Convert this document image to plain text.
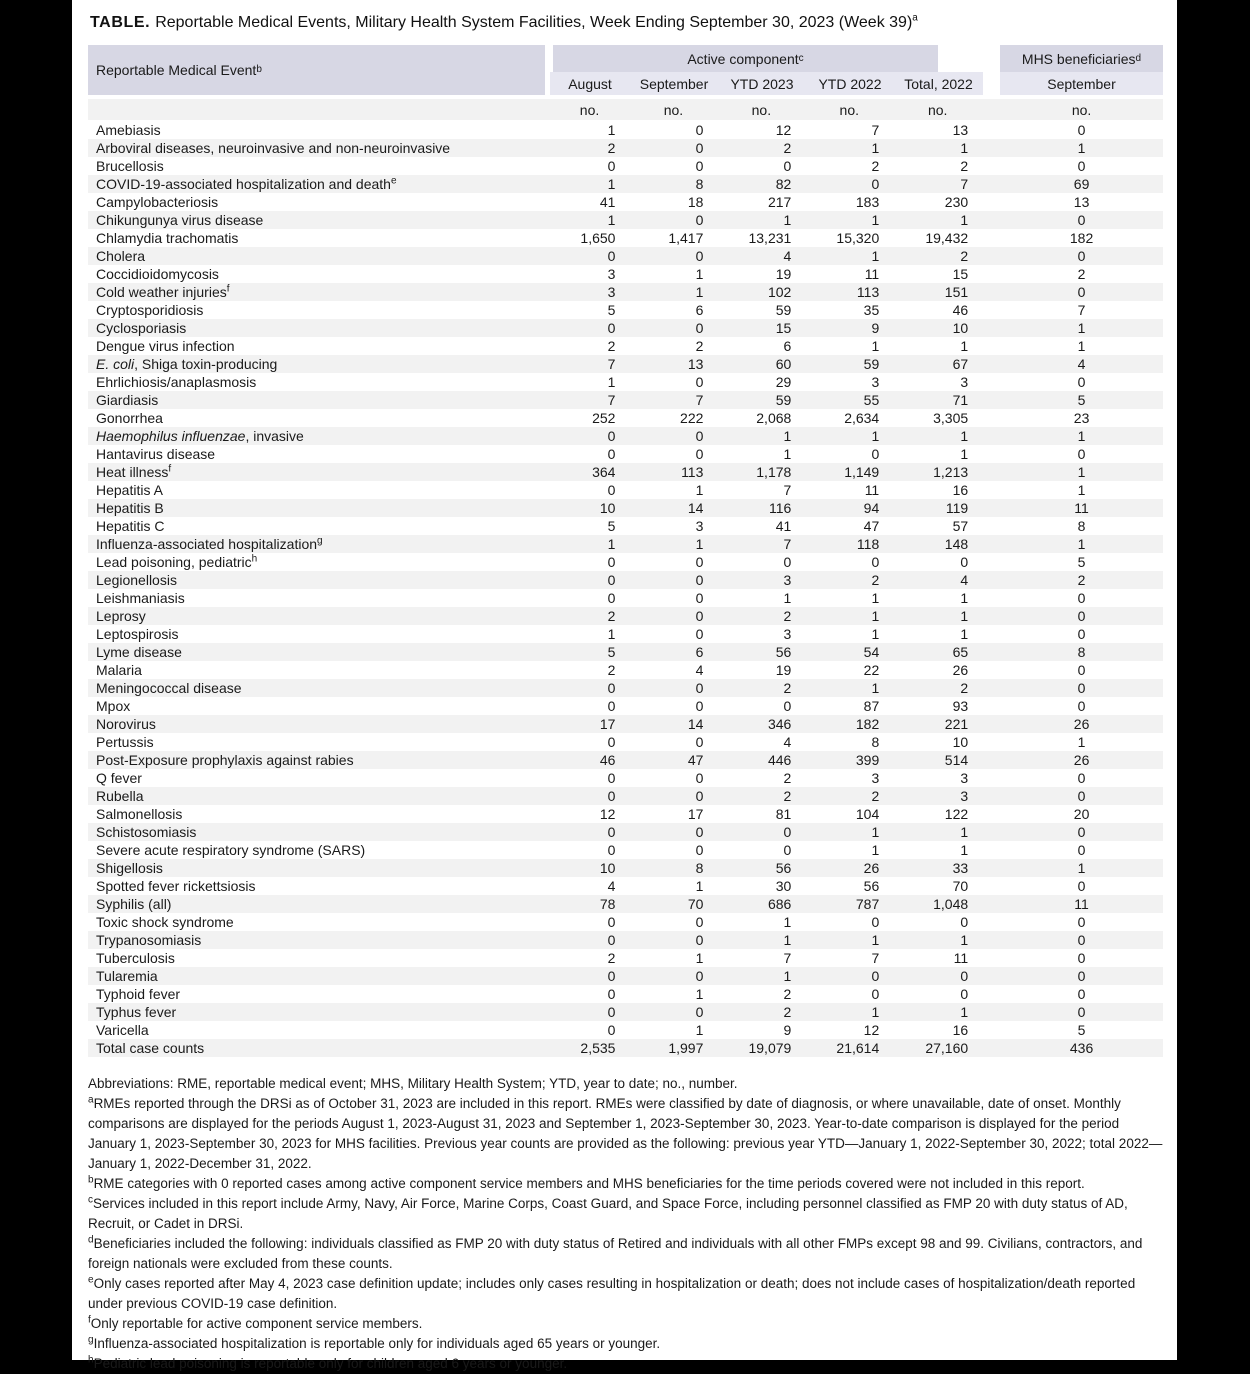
TABLE. Reportable Medical Events, Military Health System Facilities, Week Ending September 30, 2023 (Week 39)$^a$
Reportable Medical Event b
Active component c	MHS beneficiaries d
August	September	YTD 2023	YTD 2022	Total, 2022	September
no.	no.	no.	no.	no.	no.
Amebiasis	1	0	12	7	13	0
Arboviral diseases, neuroinvasive and non-neuroinvasive	2	0	2	1	1	1
Brucellosis	0	0	0	2	2	0
COVID-19-associated hospitalization and death$^e$	1	8	82	0	7	69
Campylobacteriosis	41	18	217	183	230	13
Chikungunya virus disease	1	0	1	1	1	0
Chlamydia trachomatis	1,650	1,417	13,231	15,320	19,432	182
Cholera	0	0	4	1	2	0
Coccidioidomycosis	3	1	19	11	15	2
Cold weather injuries$^f$	3	1	102	113	151	0
Cryptosporidiosis	5	6	59	35	46	7
Cyclosporiasis	0	0	15	9	10	1
Dengue virus infection	2	2	6	1	1	1
E. coli, Shiga toxin-producing	7	13	60	59	67	4
Ehrlichiosis/anaplasmosis	1	0	29	3	3	0
Giardiasis	7	7	59	55	71	5
Gonorrhea	252	222	2,068	2,634	3,305	23
Haemophilus influenzae, invasive	0	0	1	1	1	1
Hantavirus disease	0	0	1	0	1	0
Heat illness$^f$	364	113	1,178	1,149	1,213	1
Hepatitis A	0	1	7	11	16	1
Hepatitis B	10	14	116	94	119	11
Hepatitis C	5	3	41	47	57	8
Influenza-associated hospitalization$^g$	1	1	7	118	148	1
Lead poisoning, pediatric$^h$	0	0	0	0	0	5
Legionellosis	0	0	3	2	4	2
Leishmaniasis	0	0	1	1	1	0
Leprosy	2	0	2	1	1	0
Leptospirosis	1	0	3	1	1	0
Lyme disease	5	6	56	54	65	8
Malaria	2	4	19	22	26	0
Meningococcal disease	0	0	2	1	2	0
Mpox	0	0	0	87	93	0
Norovirus	17	14	346	182	221	26
Pertussis	0	0	4	8	10	1
Post-Exposure prophylaxis against rabies	46	47	446	399	514	26
Q fever	0	0	2	3	3	0
Rubella	0	0	2	2	3	0
Salmonellosis	12	17	81	104	122	20
Schistosomiasis	0	0	0	1	1	0
Severe acute respiratory syndrome (SARS)	0	0	0	1	1	0
Shigellosis	10	8	56	26	33	1
Spotted fever rickettsiosis	4	1	30	56	70	0
Syphilis (all)	78	70	686	787	1,048	11
Toxic shock syndrome	0	0	1	0	0	0
Trypanosomiasis	0	0	1	1	1	0
Tuberculosis	2	1	7	7	11	0
Tularemia	0	0	1	0	0	0
Typhoid fever	0	1	2	0	0	0
Typhus fever	0	0	2	1	1	0
Varicella	0	1	9	12	16	5
Total case counts	2,535	1,997	19,079	21,614	27,160	436
Abbreviations: RME, reportable medical event; MHS, Military Health System; YTD, year to date; no., number.
$^a$RMEs reported through the DRSi as of October 31, 2023 are included in this report. RMEs were classified by date of diagnosis, or where unavailable, date of onset. Monthly comparisons are displayed for the periods August 1, 2023-August 31, 2023 and September 1, 2023-September 30, 2023. Year-to-date comparison is displayed for the period January 1, 2023-September 30, 2023 for MHS facilities. Previous year counts are provided as the following: previous year YTD—January 1, 2022-September 30, 2022; total 2022—January 1, 2022-December 31, 2022.
$^b$RME categories with 0 reported cases among active component service members and MHS beneficiaries for the time periods covered were not included in this report.
$^c$Services included in this report include Army, Navy, Air Force, Marine Corps, Coast Guard, and Space Force, including personnel classified as FMP 20 with duty status of AD, Recruit, or Cadet in DRSi.
$^d$Beneficiaries included the following: individuals classified as FMP 20 with duty status of Retired and individuals with all other FMPs except 98 and 99. Civilians, contractors, and foreign nationals were excluded from these counts.
$^e$Only cases reported after May 4, 2023 case definition update; includes only cases resulting in hospitalization or death; does not include cases of hospitalization/death reported under previous COVID-19 case definition.
$^f$Only reportable for active component service members.
$^g$Influenza-associated hospitalization is reportable only for individuals aged 65 years or younger.
$^h$Pediatric lead poisoning is reportable only for children aged 6 years or younger.
